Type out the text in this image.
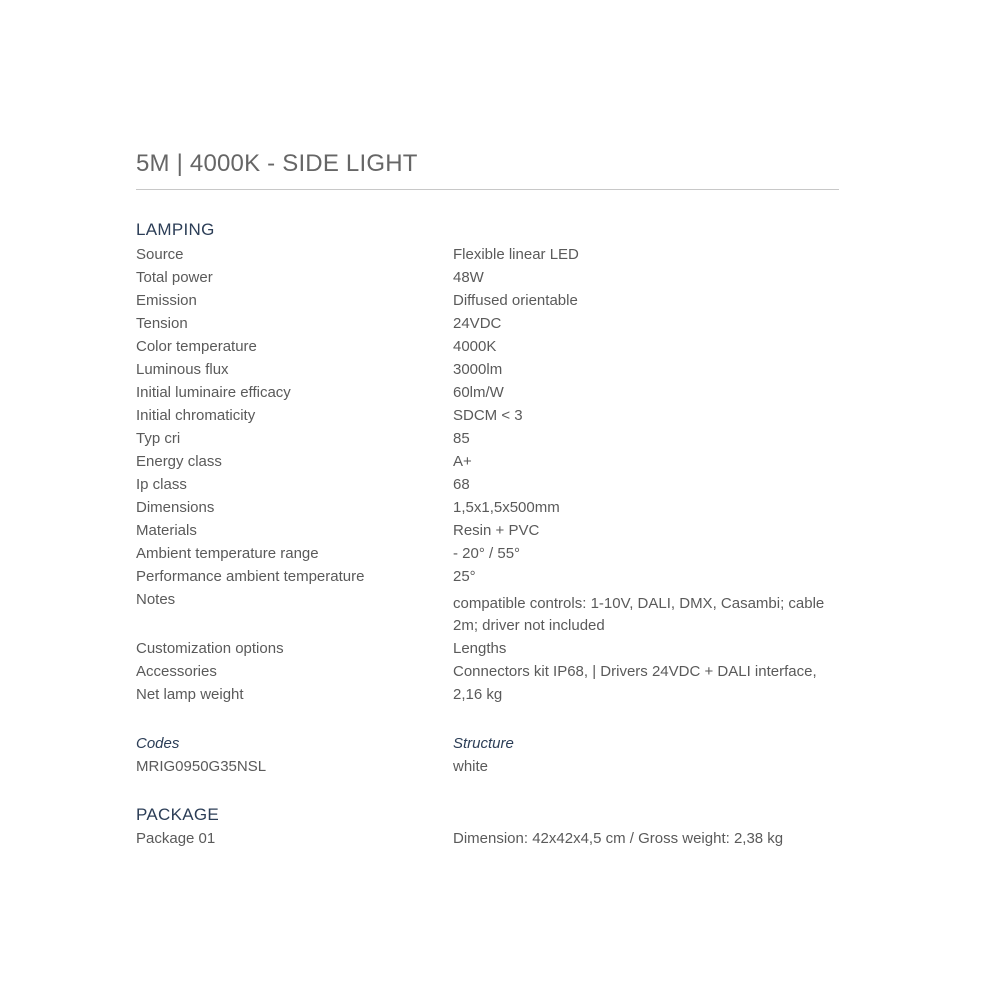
5M | 4000K - SIDE LIGHT
LAMPING
Source	Flexible linear LED
Total power	48W
Emission	Diffused orientable
Tension	24VDC
Color temperature	4000K
Luminous flux	3000lm
Initial luminaire efficacy	60lm/W
Initial chromaticity	SDCM < 3
Typ cri	85
Energy class	A+
Ip class	68
Dimensions	1,5x1,5x500mm
Materials	Resin + PVC
Ambient temperature range	- 20° / 55°
Performance ambient temperature	25°
Notes	compatible controls: 1-10V, DALI, DMX, Casambi; cable 2m; driver not included
Customization options	Lengths
Accessories	Connectors kit IP68, | Drivers 24VDC + DALI interface,
Net lamp weight	2,16 kg
Codes	Structure
MRIG0950G35NSL	white
PACKAGE
Package 01	Dimension: 42x42x4,5 cm / Gross weight: 2,38 kg
